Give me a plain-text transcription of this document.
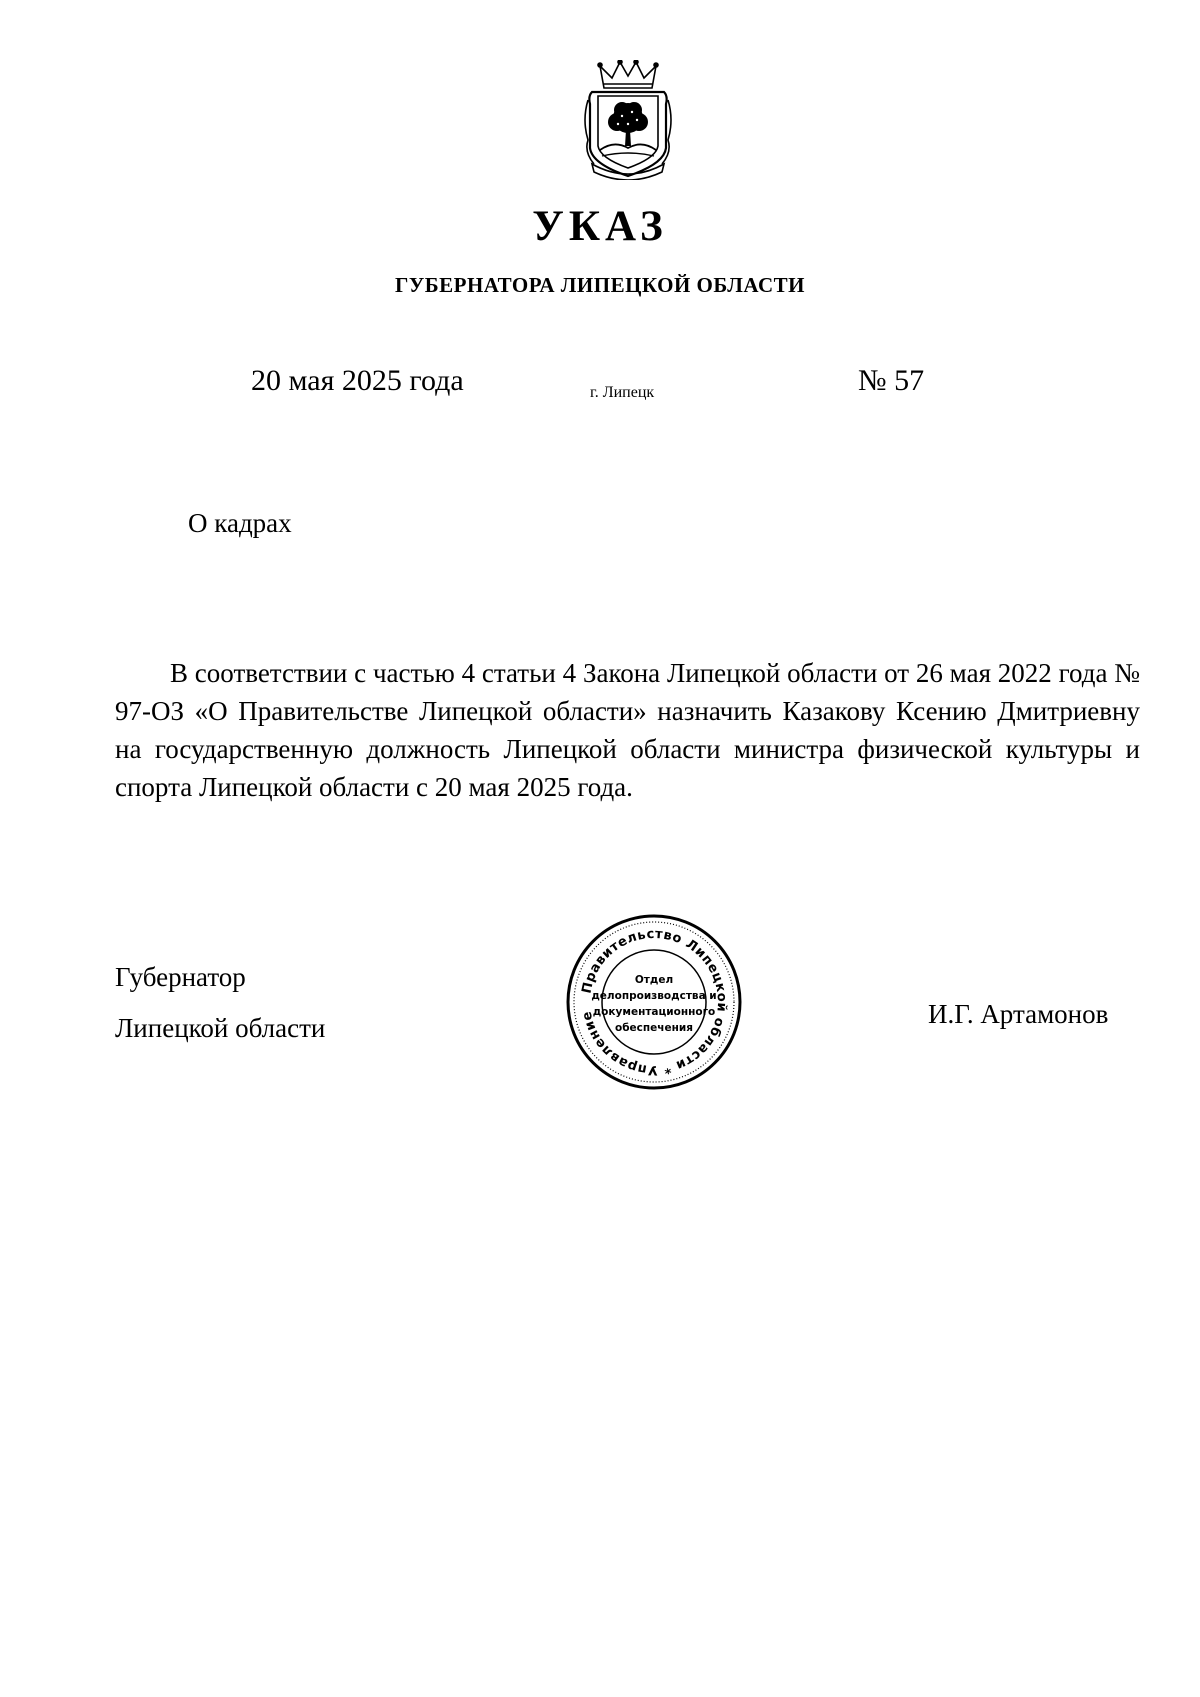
УКАЗ
ГУБЕРНАТОРА ЛИПЕЦКОЙ ОБЛАСТИ
20 мая 2025 года	г. Липецк	№ 57
О кадрах

В соответствии с частью 4 статьи 4 Закона Липецкой области от 26 мая 2022 года № 97-ОЗ «О Правительстве Липецкой области» назначить Казакову Ксению Дмитриевну на государственную должность Липецкой области министра физической культуры и спорта Липецкой области с 20 мая 2025 года.

Губернатор
Липецкой области
Правительство Липецкой области * Управление
Отдел
делопроизводства и
документационного
обеспечения	И.Г. Артамонов
